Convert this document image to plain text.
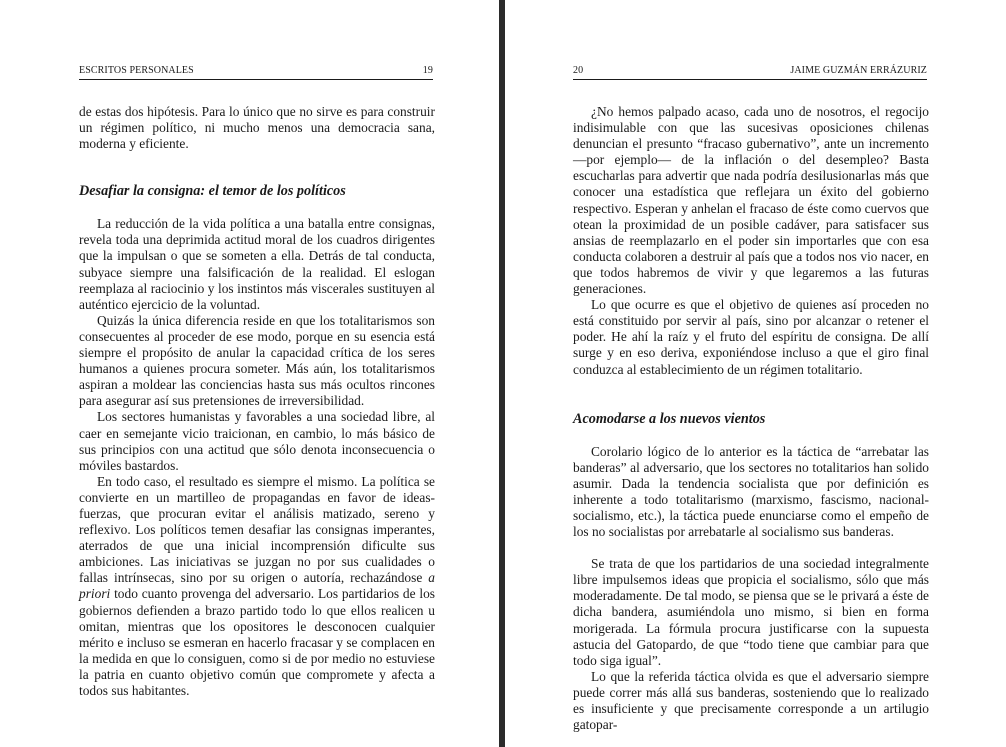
ESCRITOS PERSONALES	19

de estas dos hipótesis. Para lo único que no sirve es para construir un régimen político, ni mucho menos una democracia sana, moderna y eficiente.

Desafiar la consigna: el temor de los políticos

La reducción de la vida política a una batalla entre consignas, revela toda una deprimida actitud moral de los cuadros dirigentes que la impulsan o que se someten a ella. Detrás de tal conducta, subyace siempre una falsificación de la realidad. El eslogan reemplaza al raciocinio y los instintos más viscerales sustituyen al auténtico ejercicio de la voluntad.

Quizás la única diferencia reside en que los totalitarismos son consecuentes al proceder de ese modo, porque en su esencia está siempre el propósito de anular la capacidad crítica de los seres humanos a quienes procura someter. Más aún, los totalitarismos aspiran a moldear las conciencias hasta sus más ocultos rincones para asegurar así sus pretensiones de irreversibilidad.

Los sectores humanistas y favorables a una sociedad libre, al caer en semejante vicio traicionan, en cambio, lo más básico de sus principios con una actitud que sólo denota inconsecuencia o móviles bastardos.

En todo caso, el resultado es siempre el mismo. La política se convierte en un martilleo de propagandas en favor de ideas-fuerzas, que procuran evitar el análisis matizado, sereno y reflexivo. Los políticos temen desafiar las consignas imperantes, aterrados de que una inicial incomprensión dificulte sus ambiciones. Las iniciativas se juzgan no por sus cualidades o fallas intrínsecas, sino por su origen o autoría, rechazándose a priori todo cuanto provenga del adversario. Los partidarios de los gobiernos defienden a brazo partido todo lo que ellos realicen u omitan, mientras que los opositores le desconocen cualquier mérito e incluso se esmeran en hacerlo fracasar y se complacen en la medida en que lo consiguen, como si de por medio no estuviese la patria en cuanto objetivo común que compromete y afecta a todos sus habitantes.

20	JAIME GUZMÁN ERRÁZURIZ

¿No hemos palpado acaso, cada uno de nosotros, el regocijo indisimulable con que las sucesivas oposiciones chilenas denuncian el presunto “fracaso gubernativo”, ante un incremento —por ejemplo— de la inflación o del desempleo? Basta escucharlas para advertir que nada podría desilusionarlas más que conocer una estadística que reflejara un éxito del gobierno respectivo. Esperan y anhelan el fracaso de éste como cuervos que otean la proximidad de un posible cadáver, para satisfacer sus ansias de reemplazarlo en el poder sin importarles que con esa conducta colaboren a destruir al país que a todos nos vio nacer, en que todos habremos de vivir y que legaremos a las futuras generaciones.

Lo que ocurre es que el objetivo de quienes así proceden no está constituido por servir al país, sino por alcanzar o retener el poder. He ahí la raíz y el fruto del espíritu de consigna. De allí surge y en eso deriva, exponiéndose incluso a que el giro final conduzca al establecimiento de un régimen totalitario.

Acomodarse a los nuevos vientos

Corolario lógico de lo anterior es la táctica de “arrebatar las banderas” al adversario, que los sectores no totalitarios han solido asumir. Dada la tendencia socialista que por definición es inherente a todo totalitarismo (marxismo, fascismo, nacional-socialismo, etc.), la táctica puede enunciarse como el empeño de los no socialistas por arrebatarle al socialismo sus banderas.

Se trata de que los partidarios de una sociedad integralmente libre impulsemos ideas que propicia el socialismo, sólo que más moderadamente. De tal modo, se piensa que se le privará a éste de dicha bandera, asumiéndola uno mismo, si bien en forma morigerada. La fórmula procura justificarse con la supuesta astucia del Gatopardo, de que “todo tiene que cambiar para que todo siga igual”.

Lo que la referida táctica olvida es que el adversario siempre puede correr más allá sus banderas, sosteniendo que lo realizado es insuficiente y que precisamente corresponde a un artilugio gatopar-
